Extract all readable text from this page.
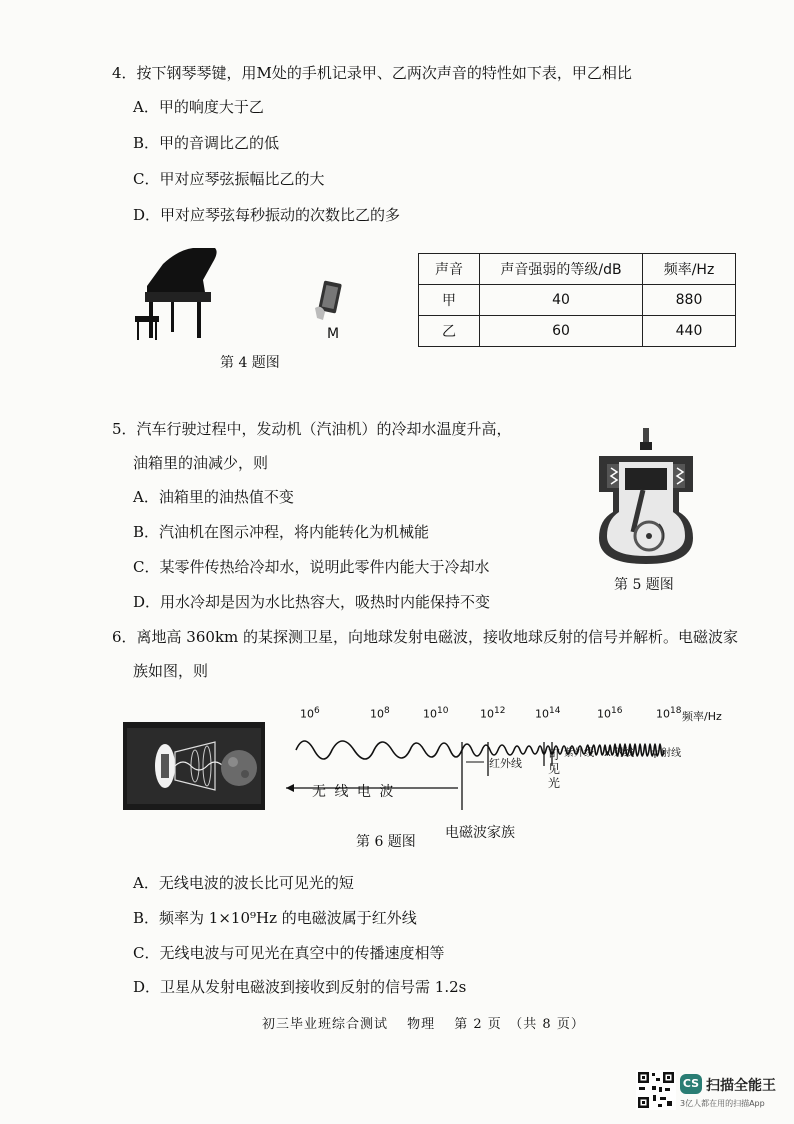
4．按下钢琴琴键，用M处的手机记录甲、乙两次声音的特性如下表，甲乙相比
A．甲的响度大于乙
B．甲的音调比乙的低
C．甲对应琴弦振幅比乙的大
D．甲对应琴弦每秒振动的次数比乙的多
M
第 4 题图
声音	声音强弱的等级/dB	频率/Hz
甲	40	880
乙	60	440
5．汽车行驶过程中，发动机（汽油机）的冷却水温度升高，
油箱里的油减少，则
A．油箱里的油热值不变
B．汽油机在图示冲程，将内能转化为机械能
C．某零件传热给冷却水，说明此零件内能大于冷却水
D．用水冷却是因为水比热容大，吸热时内能保持不变
第 5 题图
6．离地高 360km 的某探测卫星，向地球发射电磁波，接收地球反射的信号并解析。电磁波家
族如图，则
$10^6$	$10^8$	$10^{10}$	$10^{12}$	$10^{14}$	$10^{16}$	$10^{18}$ 频率/Hz
无 线 电 波
红外线
可见光
紫外线 X 射线 γ 射线
电磁波家族
第 6 题图
A．无线电波的波长比可见光的短
B．频率为 1×10⁹Hz 的电磁波属于红外线
C．无线电波与可见光在真空中的传播速度相等
D．卫星从发射电磁波到接收到反射的信号需 1.2s
初三毕业班综合测试　 物理　 第 2 页　（共 8 页）
CS 扫描全能王
3亿人都在用的扫描App
